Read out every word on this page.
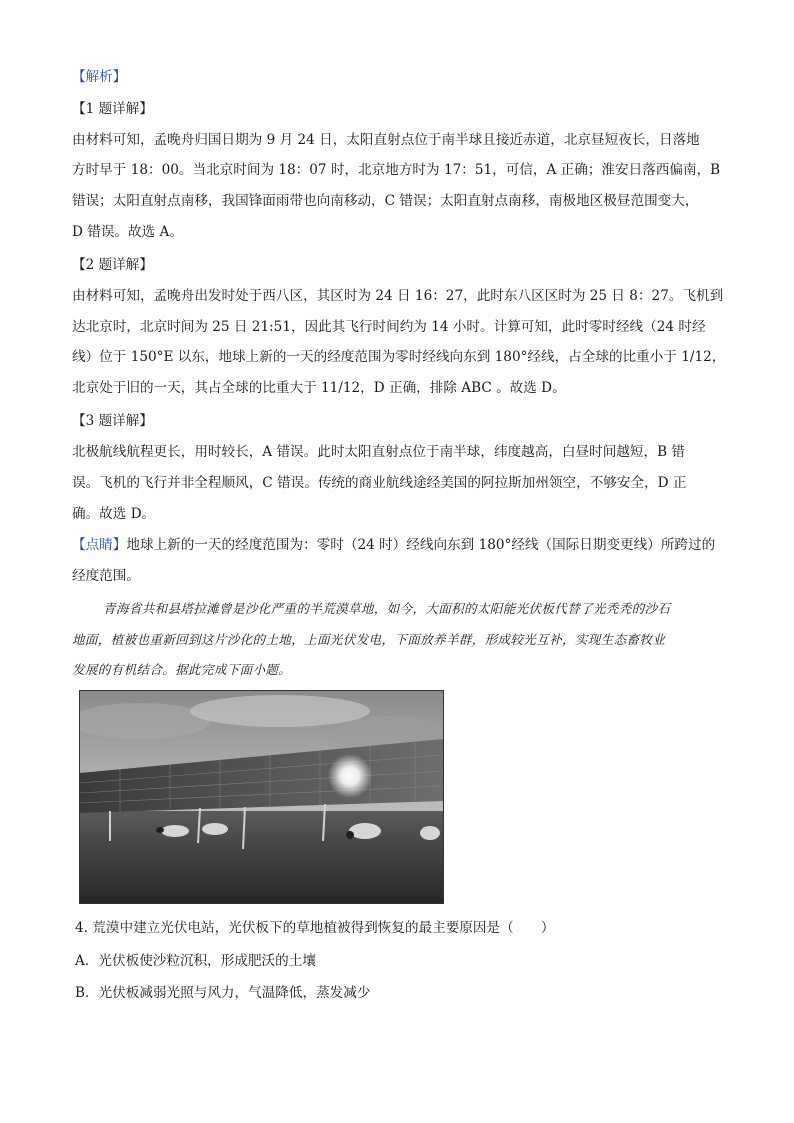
【解析】
【1 题详解】
由材料可知，孟晚舟归国日期为 9 月 24 日，太阳直射点位于南半球且接近赤道，北京昼短夜长，日落地
方时早于 18：00。当北京时间为 18：07 时，北京地方时为 17：51，可信，A 正确；淮安日落西偏南，B
错误；太阳直射点南移，我国锋面雨带也向南移动，C 错误；太阳直射点南移，南极地区极昼范围变大，
D 错误。故选 A。
【2 题详解】
由材料可知，孟晚舟出发时处于西八区，其区时为 24 日 16：27，此时东八区区时为 25 日 8：27。飞机到
达北京时，北京时间为 25 日 21:51，因此其飞行时间约为 14 小时。计算可知，此时零时经线（24 时经
线）位于 150°E 以东，地球上新的一天的经度范围为零时经线向东到 180°经线，占全球的比重小于 1/12，
北京处于旧的一天，其占全球的比重大于 11/12，D 正确，排除 ABC 。故选 D。
【3 题详解】
北极航线航程更长，用时较长，A 错误。此时太阳直射点位于南半球，纬度越高，白昼时间越短，B 错
误。飞机的飞行并非全程顺风，C 错误。传统的商业航线途经美国的阿拉斯加州领空，不够安全，D 正
确。故选 D。
【点睛】地球上新的一天的经度范围为：零时（24 时）经线向东到 180°经线（国际日期变更线）所跨过的
经度范围。
青海省共和县塔拉滩曾是沙化严重的半荒漠草地，如今，大面积的太阳能光伏板代替了光秃秃的沙石
地面，植被也重新回到这片沙化的土地，上面光伏发电，下面放养羊群，形成较光互补，实现生态畜牧业
发展的有机结合。据此完成下面小题。
4. 荒漠中建立光伏电站，光伏板下的草地植被得到恢复的最主要原因是（　　）
A．光伏板使沙粒沉积，形成肥沃的土壤
B．光伏板减弱光照与风力，气温降低，蒸发减少
